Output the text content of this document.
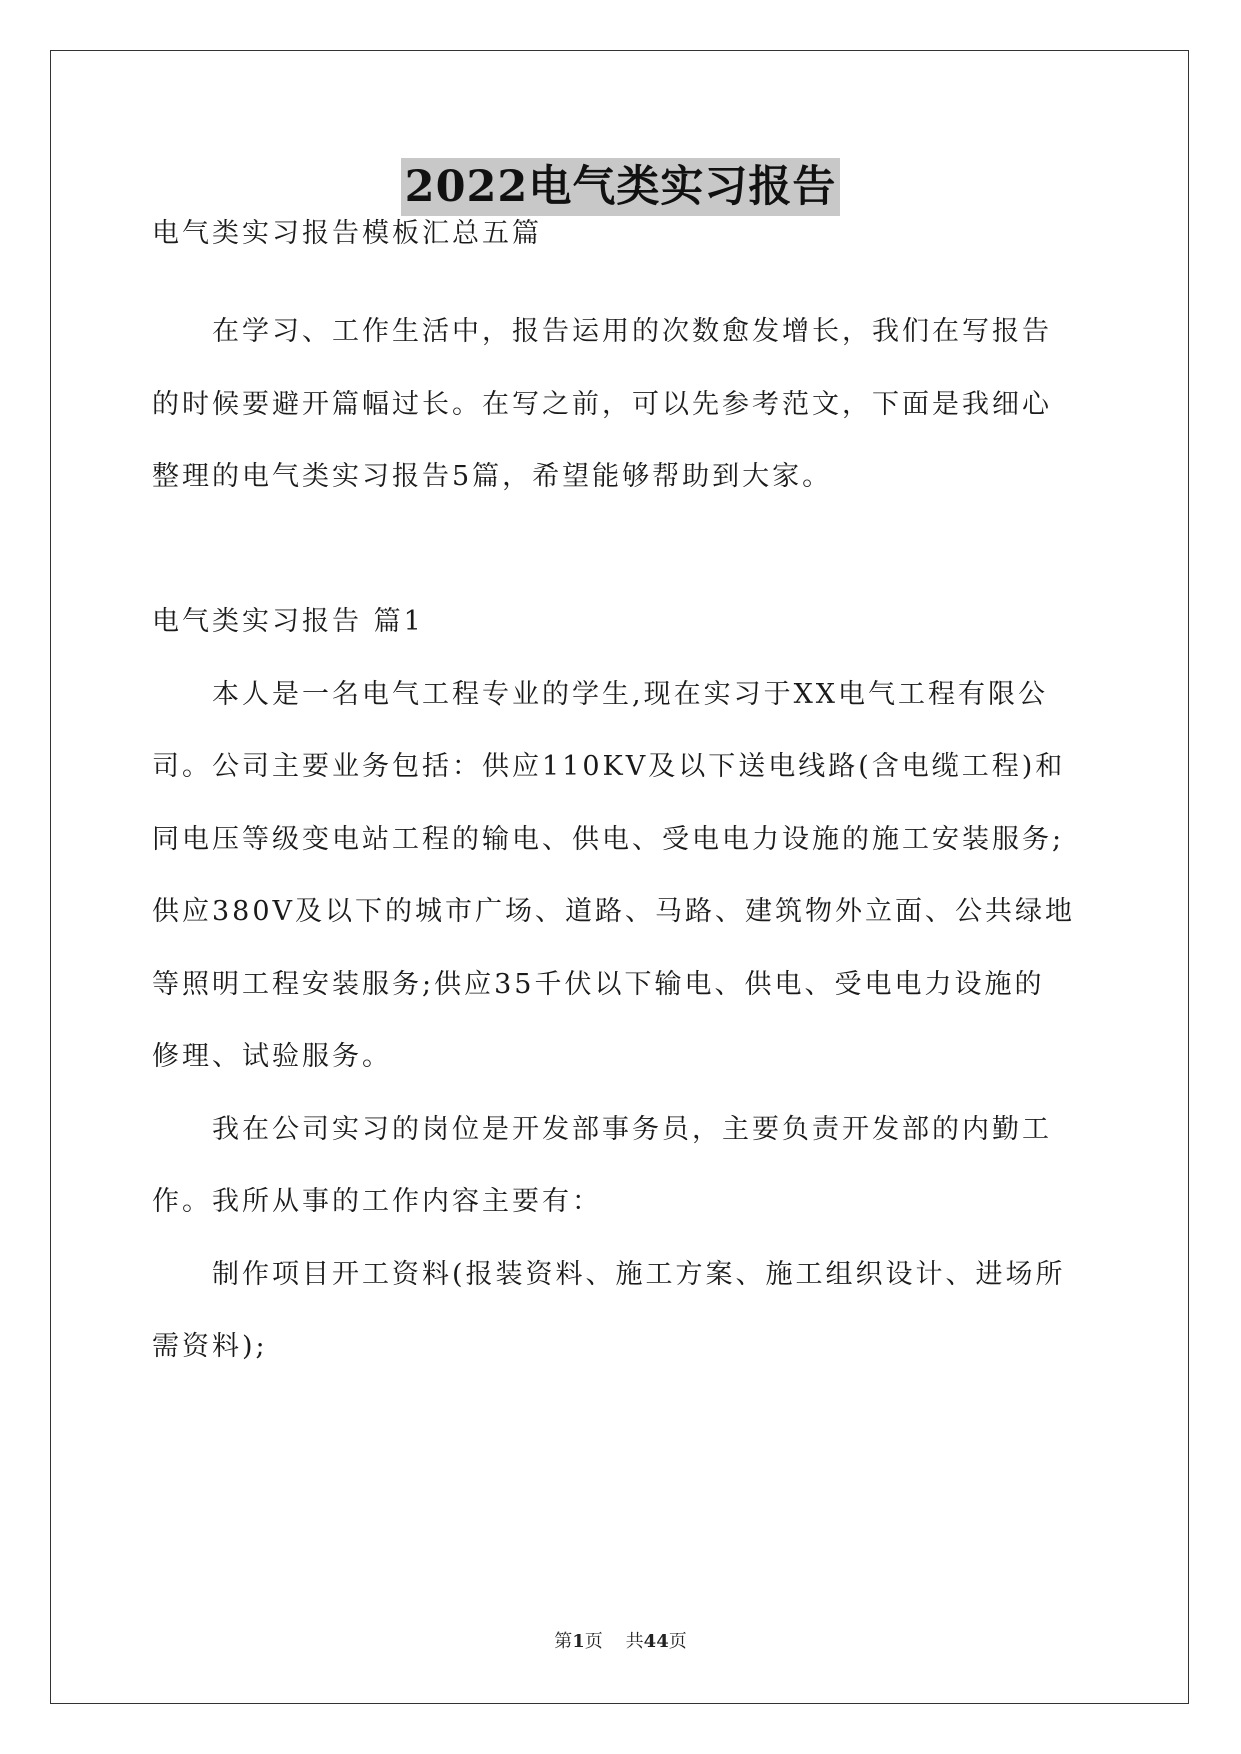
2022电气类实习报告
电气类实习报告模板汇总五篇
在学习、工作生活中，报告运用的次数愈发增长，我们在写报告
的时候要避开篇幅过长。在写之前，可以先参考范文，下面是我细心
整理的电气类实习报告5篇，希望能够帮助到大家。
电气类实习报告 篇1
本人是一名电气工程专业的学生,现在实习于XX电气工程有限公
司。公司主要业务包括：供应110KV及以下送电线路(含电缆工程)和
同电压等级变电站工程的输电、供电、受电电力设施的施工安装服务;
供应380V及以下的城市广场、道路、马路、建筑物外立面、公共绿地
等照明工程安装服务;供应35千伏以下输电、供电、受电电力设施的
修理、试验服务。
我在公司实习的岗位是开发部事务员，主要负责开发部的内勤工
作。我所从事的工作内容主要有：
制作项目开工资料(报装资料、施工方案、施工组织设计、进场所
需资料);
第1页    共44页
